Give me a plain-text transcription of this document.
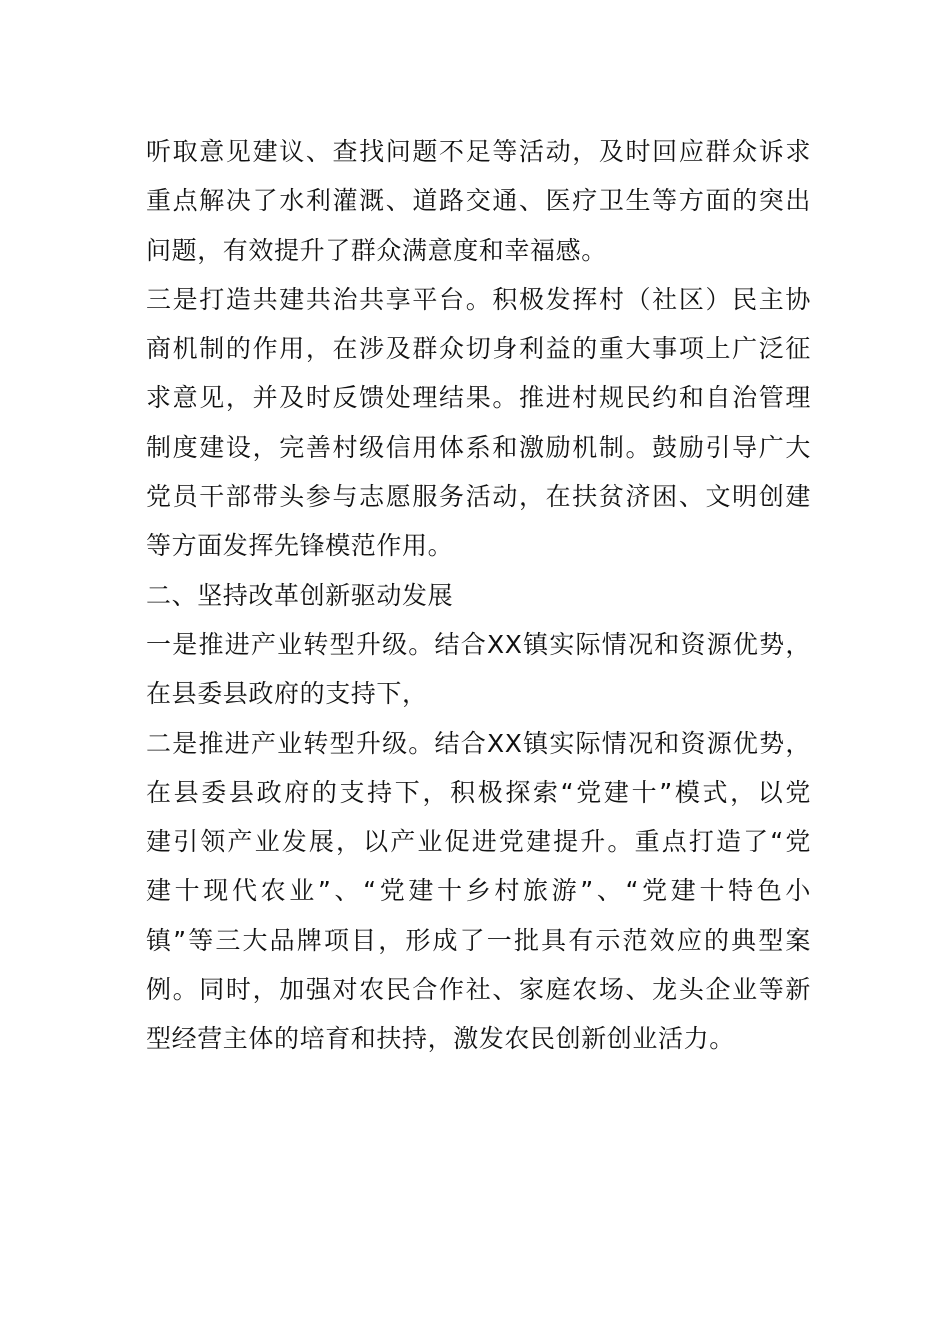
听取意见建议、查找问题不足等活动，及时回应群众诉求
重点解决了水利灌溉、道路交通、医疗卫生等方面的突出
问题，有效提升了群众满意度和幸福感。
三是打造共建共治共享平台。积极发挥村（社区）民主协
商机制的作用，在涉及群众切身利益的重大事项上广泛征
求意见，并及时反馈处理结果。推进村规民约和自治管理
制度建设，完善村级信用体系和激励机制。鼓励引导广大
党员干部带头参与志愿服务活动，在扶贫济困、文明创建
等方面发挥先锋模范作用。
二、坚持改革创新驱动发展
一是推进产业转型升级。结合XX镇实际情况和资源优势，
在县委县政府的支持下，
二是推进产业转型升级。结合XX镇实际情况和资源优势，
在县委县政府的支持下，积极探索“党建十”模式，以党
建引领产业发展，以产业促进党建提升。重点打造了“党
建十现代农业”、“党建十乡村旅游”、“党建十特色小
镇”等三大品牌项目，形成了一批具有示范效应的典型案
例。同时，加强对农民合作社、家庭农场、龙头企业等新
型经营主体的培育和扶持，激发农民创新创业活力。
